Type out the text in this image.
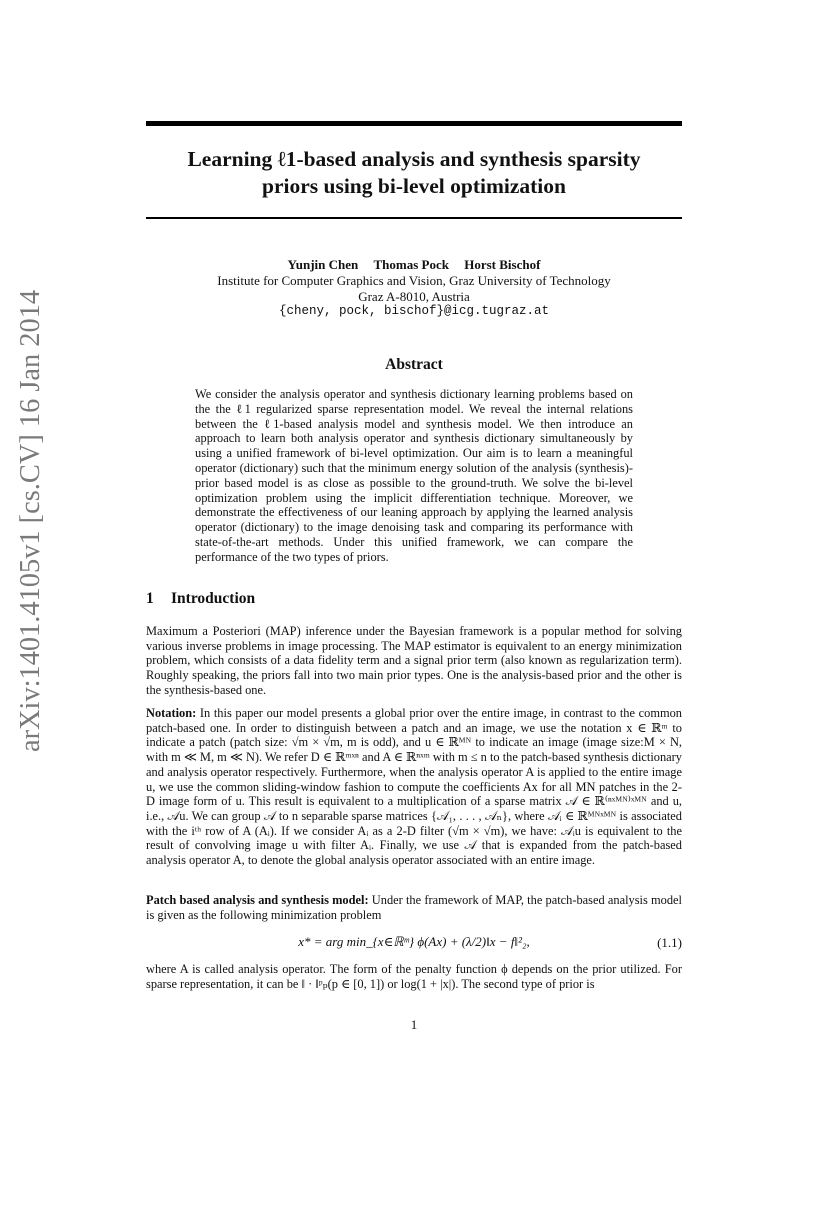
arXiv:1401.4105v1 [cs.CV] 16 Jan 2014
Learning ℓ1-based analysis and synthesis sparsity
priors using bi-level optimization
Yunjin Chen Thomas Pock Horst Bischof
Institute for Computer Graphics and Vision, Graz University of Technology
Graz A-8010, Austria
{cheny, pock, bischof}@icg.tugraz.at
Abstract
We consider the analysis operator and synthesis dictionary learning problems based on the the ℓ1 regularized sparse representation model. We reveal the internal relations between the ℓ1-based analysis model and synthesis model. We then introduce an approach to learn both analysis operator and synthesis dictionary simultaneously by using a unified framework of bi-level optimization. Our aim is to learn a meaningful operator (dictionary) such that the minimum energy solution of the analysis (synthesis)-prior based model is as close as possible to the ground-truth. We solve the bi-level optimization problem using the implicit differentiation technique. Moreover, we demonstrate the effectiveness of our leaning approach by applying the learned analysis operator (dictionary) to the image denoising task and comparing its performance with state-of-the-art methods. Under this unified framework, we can compare the performance of the two types of priors.
1 Introduction
Maximum a Posteriori (MAP) inference under the Bayesian framework is a popular method for solving various inverse problems in image processing. The MAP estimator is equivalent to an energy minimization problem, which consists of a data fidelity term and a signal prior term (also known as regularization term). Roughly speaking, the priors fall into two main prior types. One is the analysis-based prior and the other is the synthesis-based one.
Notation: In this paper our model presents a global prior over the entire image, in contrast to the common patch-based one. In order to distinguish between a patch and an image, we use the notation x ∈ ℝᵐ to indicate a patch (patch size: √m × √m, m is odd), and u ∈ ℝᴹᴺ to indicate an image (image size:M × N, with m ≪ M, m ≪ N). We refer D ∈ ℝᵐˣⁿ and A ∈ ℝⁿˣᵐ with m ≤ n to the patch-based synthesis dictionary and analysis operator respectively. Furthermore, when the analysis operator A is applied to the entire image u, we use the common sliding-window fashion to compute the coefficients Ax for all MN patches in the 2-D image form of u. This result is equivalent to a multiplication of a sparse matrix 𝒜 ∈ ℝ⁽ⁿˣᴹᴺ⁾ˣᴹᴺ and u, i.e., 𝒜u. We can group 𝒜 to n separable sparse matrices {𝒜₁, . . . , 𝒜ₙ}, where 𝒜ᵢ ∈ ℝᴹᴺˣᴹᴺ is associated with the iᵗʰ row of A (Aᵢ). If we consider Aᵢ as a 2-D filter (√m × √m), we have: 𝒜ᵢu is equivalent to the result of convolving image u with filter Aᵢ. Finally, we use 𝒜 that is expanded from the patch-based analysis operator A, to denote the global analysis operator associated with an entire image.
Patch based analysis and synthesis model: Under the framework of MAP, the patch-based analysis model is given as the following minimization problem
x* = arg min_{x∈ℝᵐ} ϕ(Ax) + (λ/2)‖x − f‖²₂,	(1.1)
where A is called analysis operator. The form of the penalty function ϕ depends on the prior utilized. For sparse representation, it can be ‖ · ‖ᵖₚ(p ∈ [0, 1]) or log(1 + |x|). The second type of prior is
1
